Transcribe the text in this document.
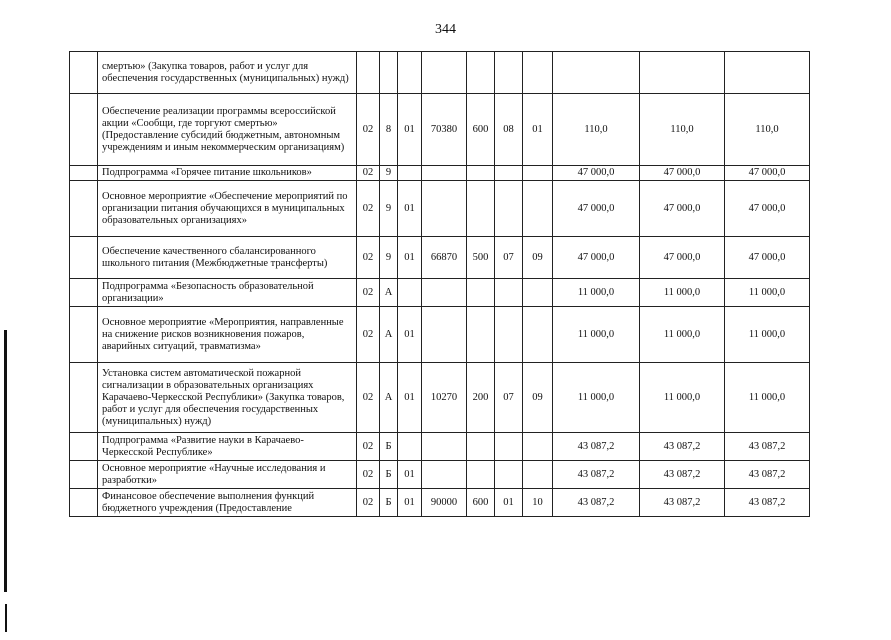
344
	смертью» (Закупка товаров, работ и услуг для обеспечения государственных (муниципальных) нужд)										
	Обеспечение реализации программы всероссийской акции «Сообщи, где торгуют смертью» (Предоставление субсидий бюджетным, автономным учреждениям и иным некоммерческим организациям)	02	8	01	70380	600	08	01	110,0	110,0	110,0
	Подпрограмма «Горячее питание школьников»	02	9						47 000,0	47 000,0	47 000,0
	Основное мероприятие «Обеспечение мероприятий по организации питания обучающихся в муниципальных образовательных организациях»	02	9	01					47 000,0	47 000,0	47 000,0
	Обеспечение качественного сбалансированного школьного питания (Межбюджетные трансферты)	02	9	01	66870	500	07	09	47 000,0	47 000,0	47 000,0
	Подпрограмма «Безопасность образовательной организации»	02	А						11 000,0	11 000,0	11 000,0
	Основное мероприятие «Мероприятия, направленные на снижение рисков возникновения пожаров, аварийных ситуаций, травматизма»	02	А	01					11 000,0	11 000,0	11 000,0
	Установка систем автоматической пожарной сигнализации в образовательных организациях Карачаево-Черкесской Республики» (Закупка товаров, работ и услуг для обеспечения государственных (муниципальных) нужд)	02	А	01	10270	200	07	09	11 000,0	11 000,0	11 000,0
	Подпрограмма «Развитие науки в Карачаево-Черкесской Республике»	02	Б						43 087,2	43 087,2	43 087,2
	Основное мероприятие «Научные исследования и разработки»	02	Б	01					43 087,2	43 087,2	43 087,2
	Финансовое обеспечение выполнения функций бюджетного учреждения (Предоставление	02	Б	01	90000	600	01	10	43 087,2	43 087,2	43 087,2
